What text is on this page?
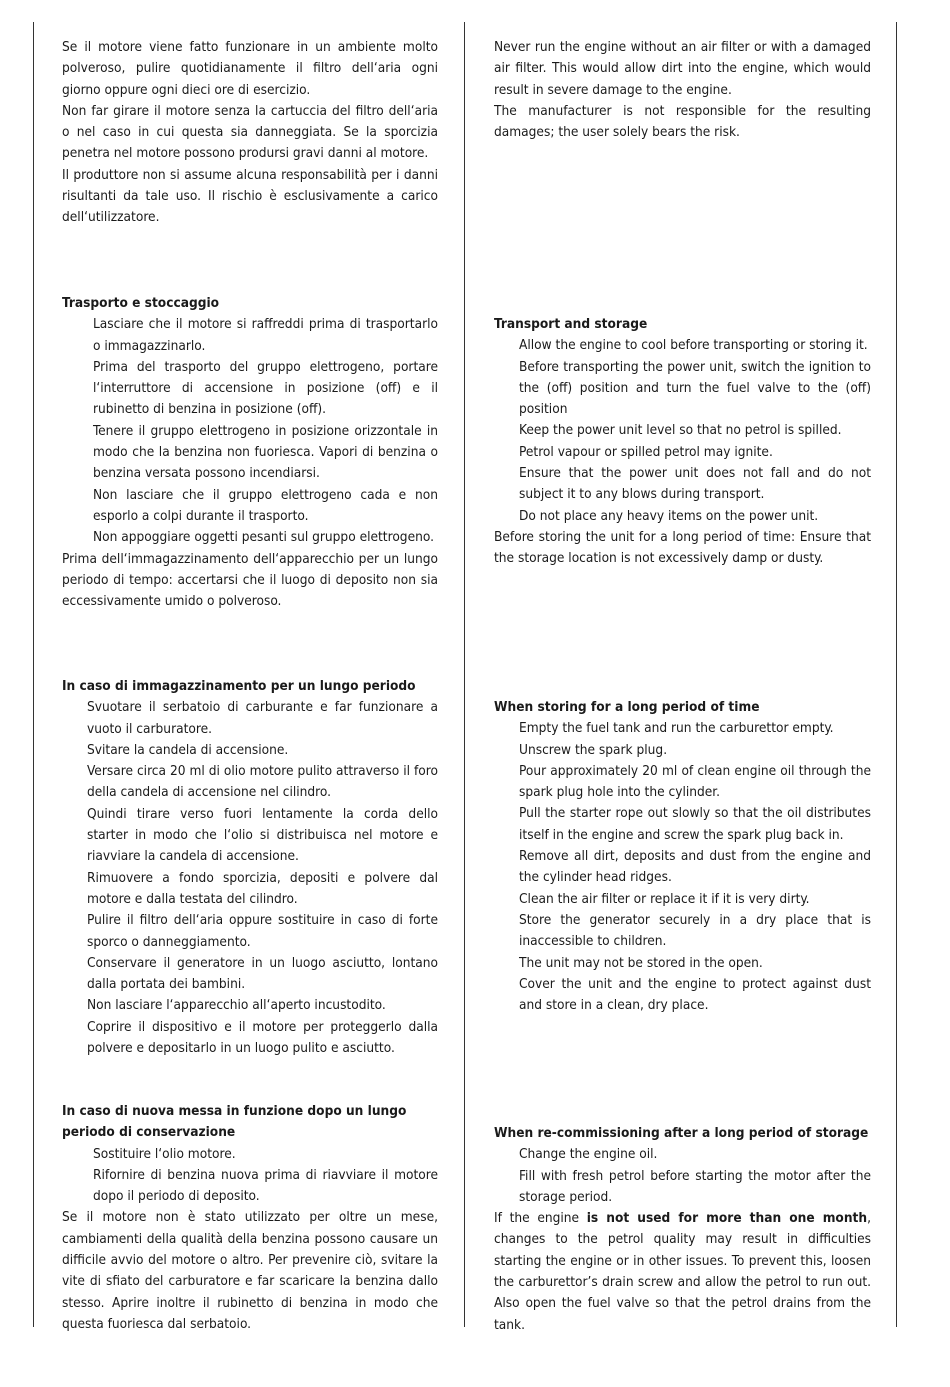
Se il motore viene fatto funzionare in un ambiente molto polveroso, pulire quotidianamente il filtro dell‘aria ogni giorno oppure ogni dieci ore di esercizio.

Non far girare il motore senza la cartuccia del filtro dell‘aria o nel caso in cui questa sia danneggiata. Se la sporcizia penetra nel motore possono prodursi gravi danni al motore.

Il produttore non si assume alcuna responsabilità per i danni risultanti da tale uso. Il rischio è esclusivamente a carico dell‘utilizzatore.

Trasporto e stoccaggio

Lasciare che il motore si raffreddi prima di trasportarlo o immagazzinarlo.

Prima del trasporto del gruppo elettrogeno, portare l‘interruttore di accensione in posizione (off) e il rubinetto di benzina in posizione (off).

Tenere il gruppo elettrogeno in posizione orizzontale in modo che la benzina non fuoriesca. Vapori di benzina o benzina versata possono incendiarsi.

Non lasciare che il gruppo elettrogeno cada e non esporlo a colpi durante il trasporto.

Non appoggiare oggetti pesanti sul gruppo elettrogeno.

Prima dell‘immagazzinamento dell‘apparecchio per un lungo periodo di tempo: accertarsi che il luogo di deposito non sia eccessivamente umido o polveroso.

In caso di immagazzinamento per un lungo periodo

Svuotare il serbatoio di carburante e far funzionare a vuoto il carburatore.

Svitare la candela di accensione.

Versare circa 20 ml di olio motore pulito attraverso il foro della candela di accensione nel cilindro.

Quindi tirare verso fuori lentamente la corda dello starter in modo che l‘olio si distribuisca nel motore e riavviare la candela di accensione.

Rimuovere a fondo sporcizia, depositi e polvere dal motore e dalla testata del cilindro.

Pulire il filtro dell‘aria oppure sostituire in caso di forte sporco o danneggiamento.

Conservare il generatore in un luogo asciutto, lontano dalla portata dei bambini.

Non lasciare l‘apparecchio all‘aperto incustodito.

Coprire il dispositivo e il motore per proteggerlo dalla polvere e depositarlo in un luogo pulito e asciutto.

In caso di nuova messa in funzione dopo un lungo periodo di conservazione

Sostituire l‘olio motore.

Rifornire di benzina nuova prima di riavviare il motore dopo il periodo di deposito.

Se il motore non è stato utilizzato per oltre un mese, cambiamenti della qualità della benzina possono causare un difficile avvio del motore o altro. Per prevenire ciò, svitare la vite di sfiato del carburatore e far scaricare la benzina dallo stesso. Aprire inoltre il rubinetto di benzina in modo che questa fuoriesca dal serbatoio.

Never run the engine without an air filter or with a damaged air filter. This would allow dirt into the engine, which would result in severe damage to the engine.

The manufacturer is not responsible for the resulting damages; the user solely bears the risk.

Transport and storage

Allow the engine to cool before transporting or storing it.

Before transporting the power unit, switch the ignition to the (off) position and turn the fuel valve to the (off) position

Keep the power unit level so that no petrol is spilled.

Petrol vapour or spilled petrol may ignite.

Ensure that the power unit does not fall and do not subject it to any blows during transport.

Do not place any heavy items on the power unit.

Before storing the unit for a long period of time: Ensure that the storage location is not excessively damp or dusty.

When storing for a long period of time

Empty the fuel tank and run the carburettor empty.

Unscrew the spark plug.

Pour approximately 20 ml of clean engine oil through the spark plug hole into the cylinder.

Pull the starter rope out slowly so that the oil distributes itself in the engine and screw the spark plug back in.

Remove all dirt, deposits and dust from the engine and the cylinder head ridges.

Clean the air filter or replace it if it is very dirty.

Store the generator securely in a dry place that is inaccessible to children.

The unit may not be stored in the open.

Cover the unit and the engine to protect against dust and store in a clean, dry place.

When re-commissioning after a long period of storage

Change the engine oil.

Fill with fresh petrol before starting the motor after the storage period.

If the engine is not used for more than one month, changes to the petrol quality may result in difficulties starting the engine or in other issues. To prevent this, loosen the carburettor’s drain screw and allow the petrol to run out. Also open the fuel valve so that the petrol drains from the tank.
